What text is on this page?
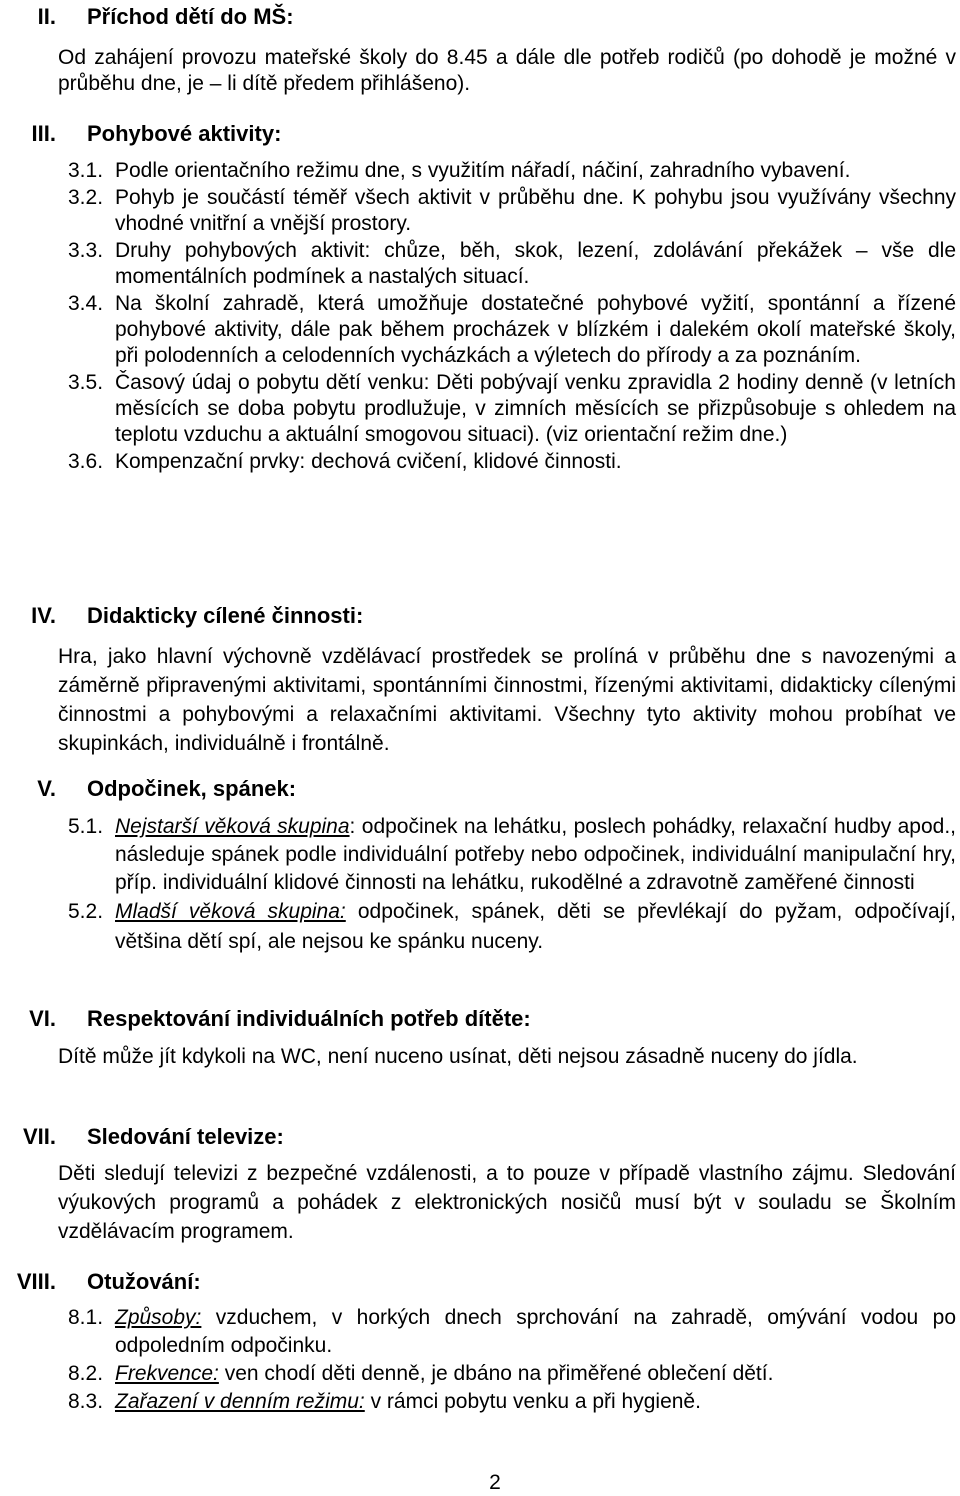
II. Příchod dětí do MŠ:
Od zahájení provozu mateřské školy do 8.45 a dále dle potřeb rodičů (po dohodě je možné v průběhu dne, je – li dítě předem přihlášeno).
III. Pohybové aktivity:
3.1. Podle orientačního režimu dne, s využitím nářadí, náčiní, zahradního vybavení.
3.2. Pohyb je součástí téměř všech aktivit v průběhu dne. K pohybu jsou využívány všechny vhodné vnitřní a vnější prostory.
3.3. Druhy pohybových aktivit: chůze, běh, skok, lezení, zdolávání překážek – vše dle momentálních podmínek a nastalých situací.
3.4. Na školní zahradě, která umožňuje dostatečné pohybové vyžití, spontánní a řízené pohybové aktivity, dále pak během procházek v blízkém i dalekém okolí mateřské školy, při polodenních a celodenních vycházkách a výletech do přírody a za poznáním.
3.5. Časový údaj o pobytu dětí venku: Děti pobývají venku zpravidla 2 hodiny denně (v letních měsících se doba pobytu prodlužuje, v zimních měsících se přizpůsobuje s ohledem na teplotu vzduchu a aktuální smogovou situaci). (viz orientační režim dne.)
3.6. Kompenzační prvky: dechová cvičení, klidové činnosti.
IV. Didakticky cílené činnosti:
Hra, jako hlavní výchovně vzdělávací prostředek se prolíná v průběhu dne s navozenými a záměrně připravenými aktivitami, spontánními činnostmi, řízenými aktivitami, didakticky cílenými činnostmi a pohybovými a relaxačními aktivitami. Všechny tyto aktivity mohou probíhat ve skupinkách, individuálně i frontálně.
V. Odpočinek, spánek:
5.1. Nejstarší věková skupina: odpočinek na lehátku, poslech pohádky, relaxační hudby apod., následuje spánek podle individuální potřeby nebo odpočinek, individuální manipulační hry, příp. individuální klidové činnosti na lehátku, rukodělné a zdravotně zaměřené činnosti
5.2. Mladší věková skupina: odpočinek, spánek, děti se převlékají do pyžam, odpočívají, většina dětí spí, ale nejsou ke spánku nuceny.
VI. Respektování individuálních potřeb dítěte:
Dítě může jít kdykoli na WC, není nuceno usínat, děti nejsou zásadně nuceny do jídla.
VII. Sledování televize:
Děti sledují televizi z bezpečné vzdálenosti, a to pouze v případě vlastního zájmu. Sledování výukových programů a pohádek z elektronických nosičů musí být v souladu se Školním vzdělávacím programem.
VIII. Otužování:
8.1. Způsoby: vzduchem, v horkých dnech sprchování na zahradě, omývání vodou po odpoledním odpočinku.
8.2. Frekvence: ven chodí děti denně, je dbáno na přiměřené oblečení dětí.
8.3. Zařazení v denním režimu: v rámci pobytu venku a při hygieně.
2
